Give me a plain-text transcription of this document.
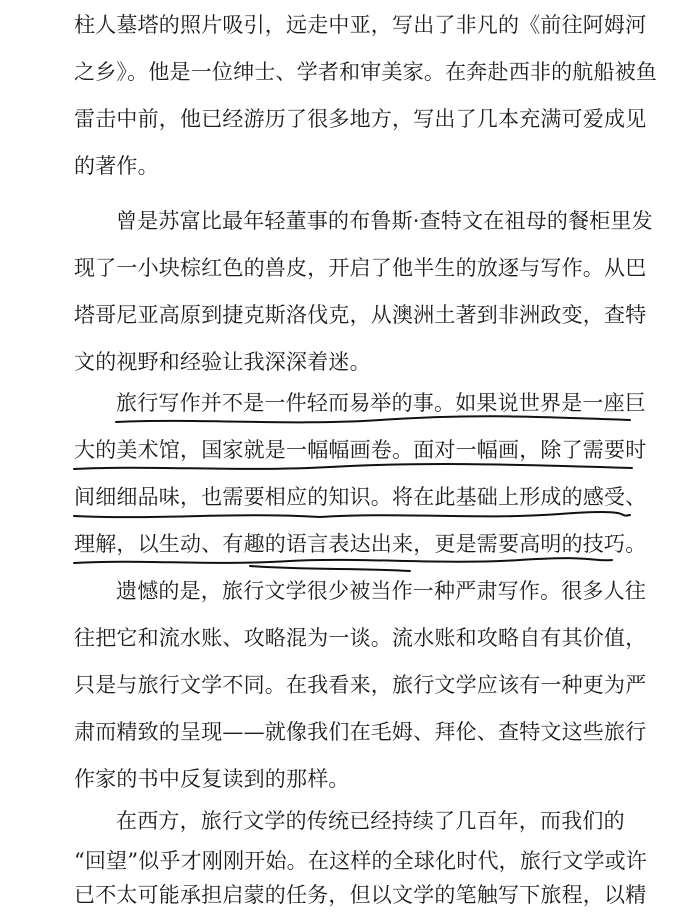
柱人墓塔的照片吸引，远走中亚，写出了非凡的《前往阿姆河
之乡》。他是一位绅士、学者和审美家。在奔赴西非的航船被鱼
雷击中前，他已经游历了很多地方，写出了几本充满可爱成见
的著作。
曾是苏富比最年轻董事的布鲁斯·查特文在祖母的餐柜里发
现了一小块棕红色的兽皮，开启了他半生的放逐与写作。从巴
塔哥尼亚高原到捷克斯洛伐克，从澳洲土著到非洲政变，查特
文的视野和经验让我深深着迷。
旅行写作并不是一件轻而易举的事。如果说世界是一座巨
大的美术馆，国家就是一幅幅画卷。面对一幅画，除了需要时
间细细品味，也需要相应的知识。将在此基础上形成的感受、
理解，以生动、有趣的语言表达出来，更是需要高明的技巧。
遗憾的是，旅行文学很少被当作一种严肃写作。很多人往
往把它和流水账、攻略混为一谈。流水账和攻略自有其价值，
只是与旅行文学不同。在我看来，旅行文学应该有一种更为严
肃而精致的呈现——就像我们在毛姆、拜伦、查特文这些旅行
作家的书中反复读到的那样。
在西方，旅行文学的传统已经持续了几百年，而我们的
“回望”似乎才刚刚开始。在这样的全球化时代，旅行文学或许
已不太可能承担启蒙的任务，但以文学的笔触写下旅程，以精
